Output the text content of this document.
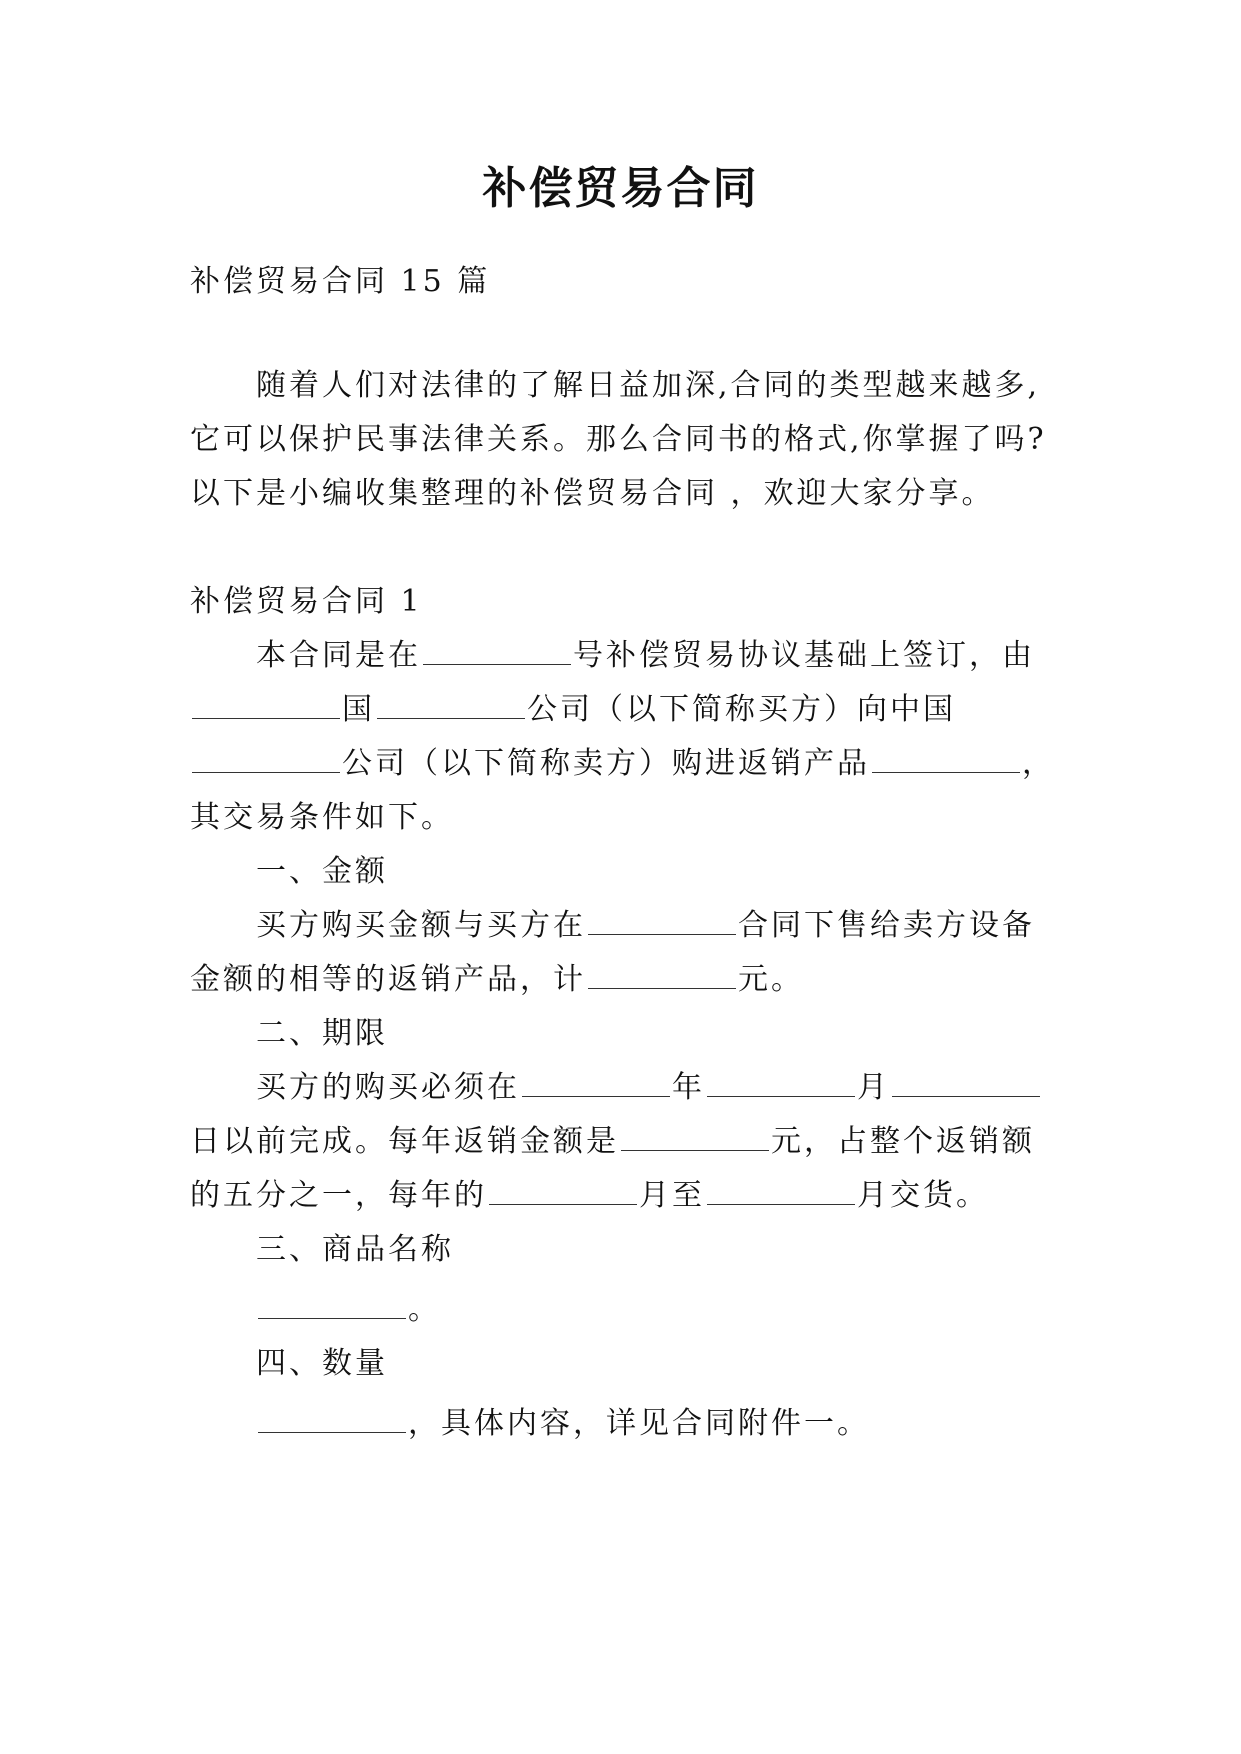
补偿贸易合同
补偿贸易合同 15 篇
随着人们对法律的了解日益加深,合同的类型越来越多,
它可以保护民事法律关系。那么合同书的格式,你掌握了吗?
以下是小编收集整理的补偿贸易合同 ，欢迎大家分享。
补偿贸易合同 1
本合同是在	号补偿贸易协议基础上签订，由
国	公司（以下简称买方）向中国
公司（以下简称卖方）购进返销产品	，
其交易条件如下。
一、金额
买方购买金额与买方在	合同下售给卖方设备
金额的相等的返销产品，计	元。
二、期限
买方的购买必须在	年	月
日以前完成。每年返销金额是	元，占整个返销额
的五分之一，每年的	月至	月交货。
三、商品名称
。
四、数量
，具体内容，详见合同附件一。
